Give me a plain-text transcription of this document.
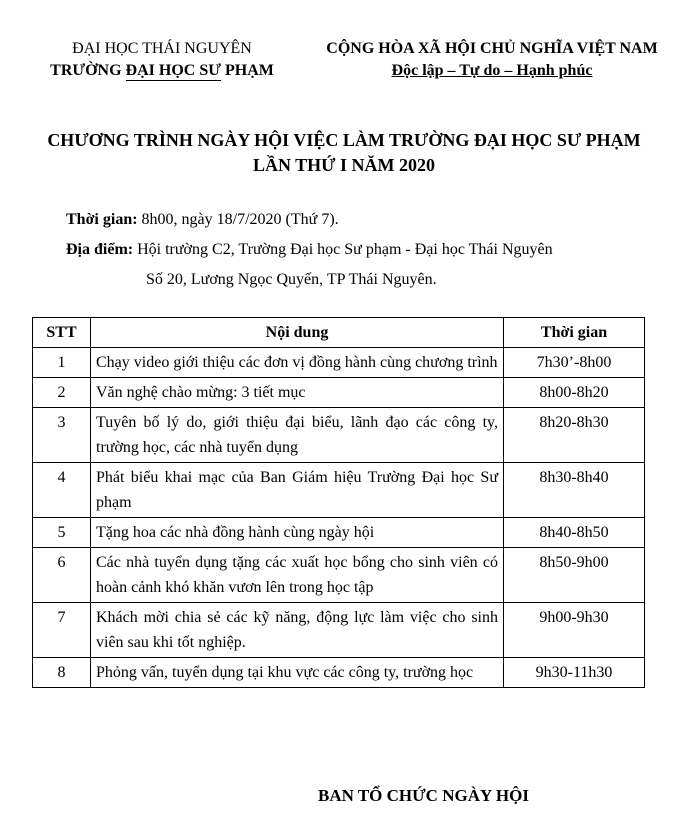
ĐẠI HỌC THÁI NGUYÊN
TRƯỜNG ĐẠI HỌC SƯ PHẠM
CỘNG HÒA XÃ HỘI CHỦ NGHĨA VIỆT NAM
Độc lập – Tự do – Hạnh phúc
CHƯƠNG TRÌNH NGÀY HỘI VIỆC LÀM TRƯỜNG ĐẠI HỌC SƯ PHẠM
LẦN THỨ I NĂM 2020
Thời gian: 8h00, ngày 18/7/2020 (Thứ 7).
Địa điểm: Hội trường C2, Trường Đại học Sư phạm - Đại học Thái Nguyên
Số 20, Lương Ngọc Quyến, TP Thái Nguyên.
STT	Nội dung	Thời gian
1	Chạy video giới thiệu các đơn vị đồng hành cùng chương trình	7h30’-8h00
2	Văn nghệ chào mừng: 3 tiết mục	8h00-8h20
3	Tuyên bố lý do, giới thiệu đại biểu, lãnh đạo các công ty, trường học, các nhà tuyển dụng	8h20-8h30
4	Phát biểu khai mạc của Ban Giám hiệu Trường Đại học Sư phạm	8h30-8h40
5	Tặng hoa các nhà đồng hành cùng ngày hội	8h40-8h50
6	Các nhà tuyển dụng tặng các xuất học bổng cho sinh viên có hoàn cảnh khó khăn vươn lên trong học tập	8h50-9h00
7	Khách mời chia sẻ các kỹ năng, động lực làm việc cho sinh viên sau khi tốt nghiệp.	9h00-9h30
8	Phỏng vấn, tuyển dụng tại khu vực các công ty, trường học	9h30-11h30
BAN TỔ CHỨC NGÀY HỘI
